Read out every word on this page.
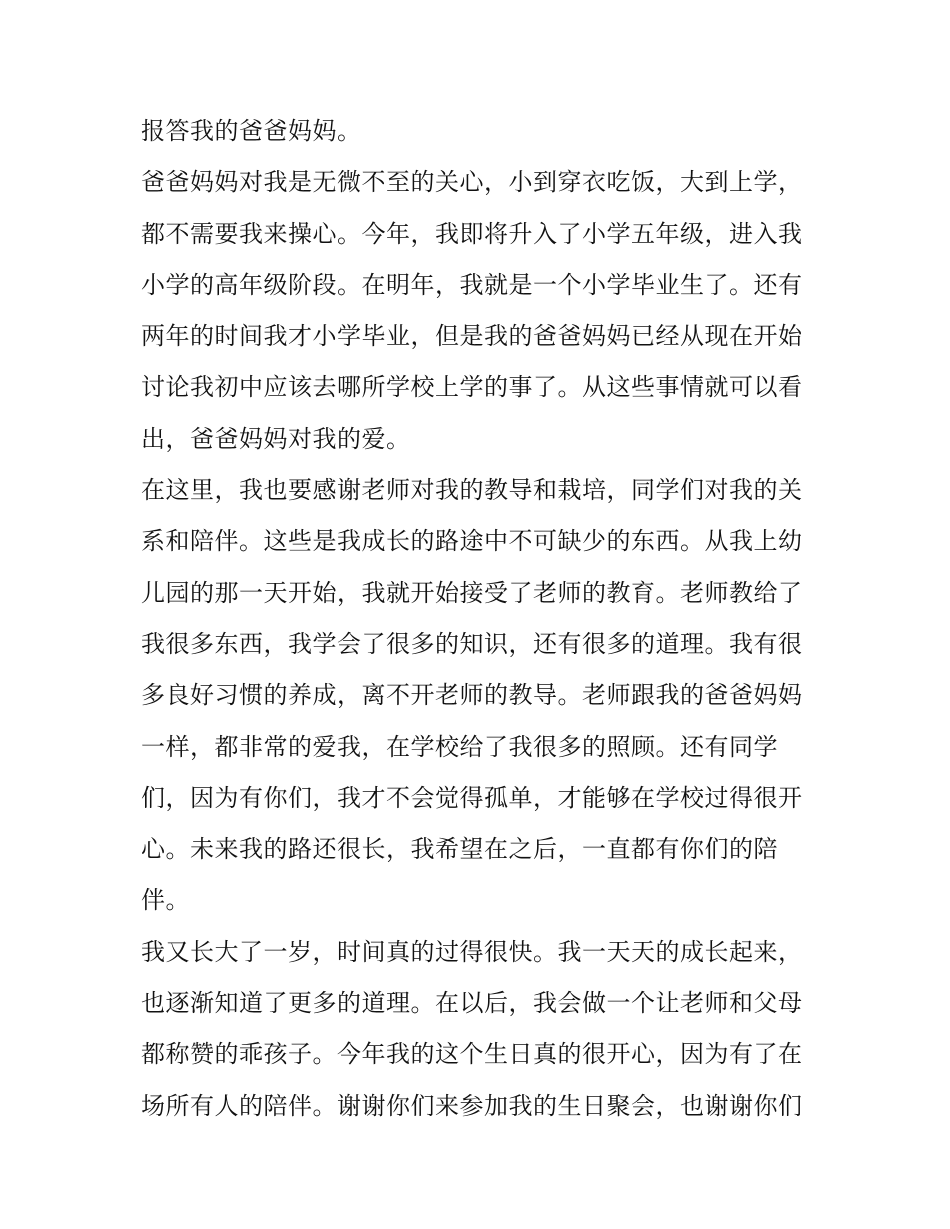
报答我的爸爸妈妈。
爸爸妈妈对我是无微不至的关心，小到穿衣吃饭，大到上学，
都不需要我来操心。今年，我即将升入了小学五年级，进入我
小学的高年级阶段。在明年，我就是一个小学毕业生了。还有
两年的时间我才小学毕业，但是我的爸爸妈妈已经从现在开始
讨论我初中应该去哪所学校上学的事了。从这些事情就可以看
出，爸爸妈妈对我的爱。
在这里，我也要感谢老师对我的教导和栽培，同学们对我的关
系和陪伴。这些是我成长的路途中不可缺少的东西。从我上幼
儿园的那一天开始，我就开始接受了老师的教育。老师教给了
我很多东西，我学会了很多的知识，还有很多的道理。我有很
多良好习惯的养成，离不开老师的教导。老师跟我的爸爸妈妈
一样，都非常的爱我，在学校给了我很多的照顾。还有同学
们，因为有你们，我才不会觉得孤单，才能够在学校过得很开
心。未来我的路还很长，我希望在之后，一直都有你们的陪
伴。
我又长大了一岁，时间真的过得很快。我一天天的成长起来，
也逐渐知道了更多的道理。在以后，我会做一个让老师和父母
都称赞的乖孩子。今年我的这个生日真的很开心，因为有了在
场所有人的陪伴。谢谢你们来参加我的生日聚会，也谢谢你们
